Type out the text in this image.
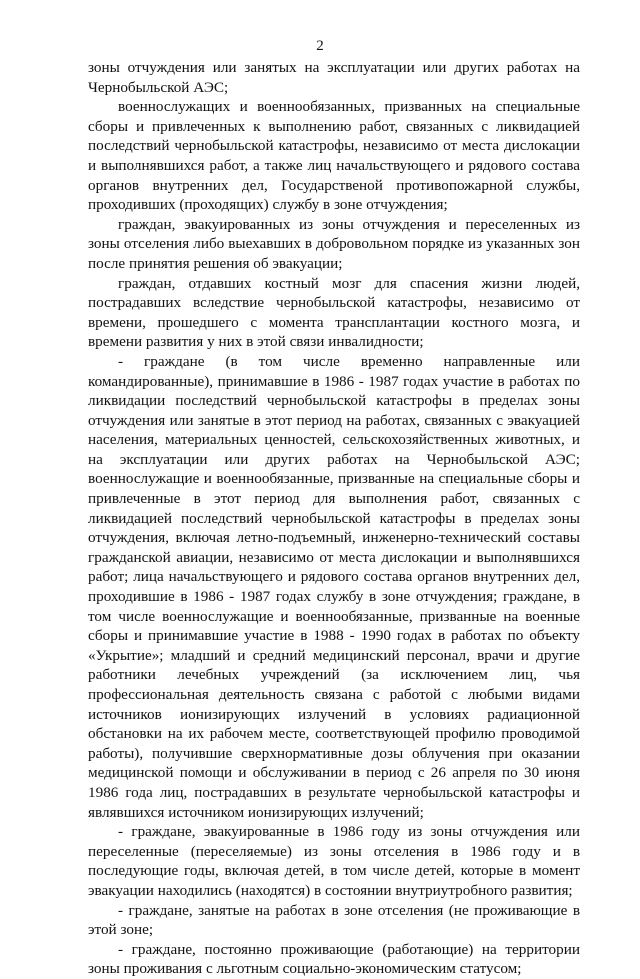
2

зоны отчуждения или занятых на эксплуатации или других работах на Чернобыльской АЭС;

военнослужащих и военнообязанных, призванных на специальные сборы и привлеченных к выполнению работ, связанных с ликвидацией последствий чернобыльской катастрофы, независимо от места дислокации и выполнявшихся работ, а также лиц начальствующего и рядового состава органов внутренних дел, Государственой противопожарной службы, проходивших (проходящих) службу в зоне отчуждения;

граждан, эвакуированных из зоны отчуждения и переселенных из зоны отселения либо выехавших в добровольном порядке из указанных зон после принятия решения об эвакуации;

граждан, отдавших костный мозг для спасения жизни людей, пострадавших вследствие чернобыльской катастрофы, независимо от времени, прошедшего с момента трансплантации костного мозга, и времени развития у них в этой связи инвалидности;

- граждане (в том числе временно направленные или командированные), принимавшие в 1986 - 1987 годах участие в работах по ликвидации последствий чернобыльской катастрофы в пределах зоны отчуждения или занятые в этот период на работах, связанных с эвакуацией населения, материальных ценностей, сельскохозяйственных животных, и на эксплуатации или других работах на Чернобыльской АЭС; военнослужащие и военнообязанные, призванные на специальные сборы и привлеченные в этот период для выполнения работ, связанных с ликвидацией последствий чернобыльской катастрофы в пределах зоны отчуждения, включая летно-подъемный, инженерно-технический составы гражданской авиации, независимо от места дислокации и выполнявшихся работ; лица начальствующего и рядового состава органов внутренних дел, проходившие в 1986 - 1987 годах службу в зоне отчуждения; граждане, в том числе военнослужащие и военнообязанные, призванные на военные сборы и принимавшие участие в 1988 - 1990 годах в работах по объекту «Укрытие»; младший и средний медицинский персонал, врачи и другие работники лечебных учреждений (за исключением лиц, чья профессиональная деятельность связана с работой с любыми видами источников ионизирующих излучений в условиях радиационной обстановки на их рабочем месте, соответствующей профилю проводимой работы), получившие сверхнормативные дозы облучения при оказании медицинской помощи и обслуживании в период с 26 апреля по 30 июня 1986 года лиц, пострадавших в результате чернобыльской катастрофы и являвшихся источником ионизирующих излучений;

- граждане, эвакуированные в 1986 году из зоны отчуждения или переселенные (переселяемые) из зоны отселения в 1986 году и в последующие годы, включая детей, в том числе детей, которые в момент эвакуации находились (находятся) в состоянии внутриутробного развития;

- граждане, занятые на работах в зоне отселения (не проживающие в этой зоне;

- граждане, постоянно проживающие (работающие) на территории зоны проживания с льготным социально-экономическим статусом;
